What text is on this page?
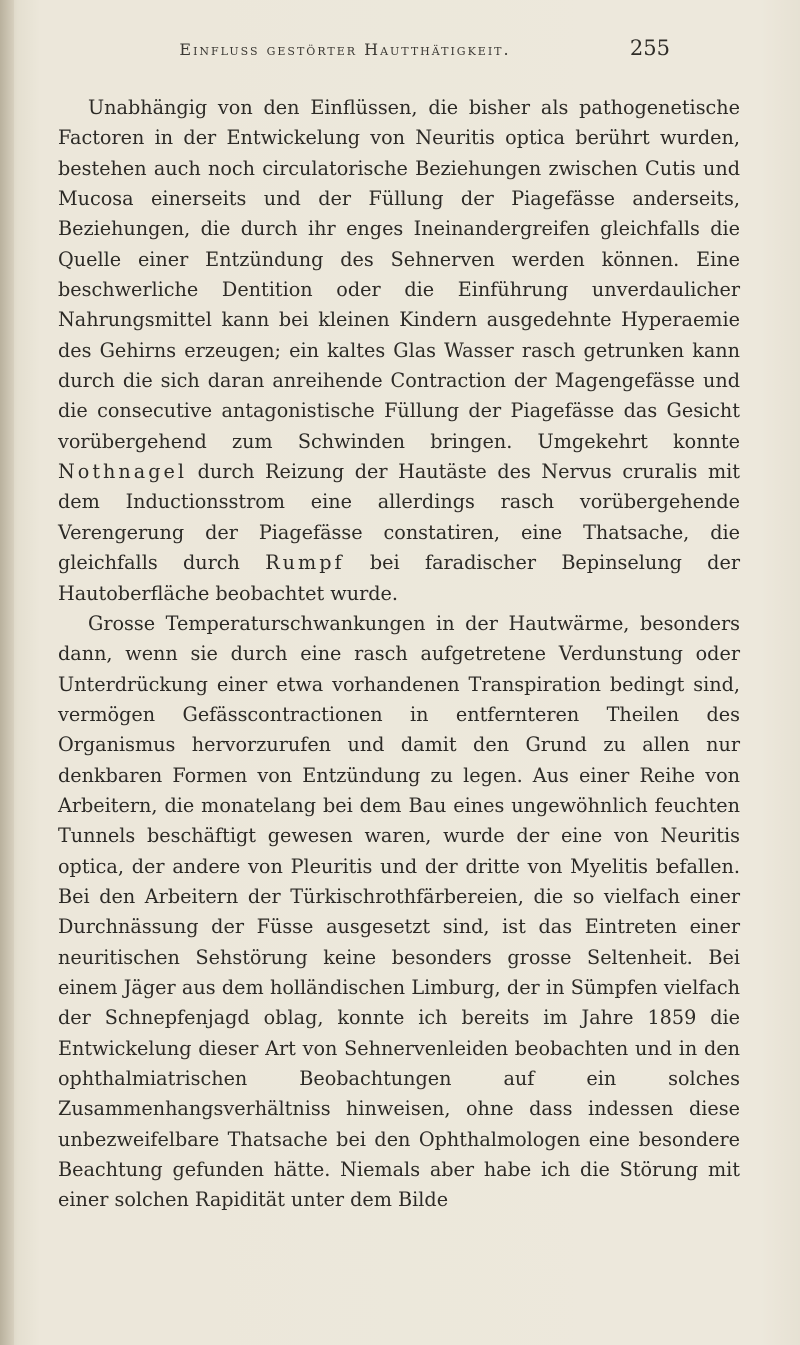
Einfluss gestörter Hautthätigkeit.	255

Unabhängig von den Einflüssen, die bisher als pathogenetische Factoren in der Entwickelung von Neuritis optica berührt wurden, bestehen auch noch circulatorische Beziehungen zwischen Cutis und Mucosa einerseits und der Füllung der Piagefässe anderseits, Beziehungen, die durch ihr enges Ineinandergreifen gleichfalls die Quelle einer Entzündung des Sehnerven werden können. Eine beschwerliche Dentition oder die Einführung unverdaulicher Nahrungsmittel kann bei kleinen Kindern ausgedehnte Hyperaemie des Gehirns erzeugen; ein kaltes Glas Wasser rasch getrunken kann durch die sich daran anreihende Contraction der Magengefässe und die consecutive antagonistische Füllung der Piagefässe das Gesicht vorübergehend zum Schwinden bringen. Umgekehrt konnte Nothnagel durch Reizung der Hautäste des Nervus cruralis mit dem Inductionsstrom eine allerdings rasch vorübergehende Verengerung der Piagefässe constatiren, eine Thatsache, die gleichfalls durch Rumpf bei faradischer Bepinselung der Hautoberfläche beobachtet wurde.

Grosse Temperaturschwankungen in der Hautwärme, besonders dann, wenn sie durch eine rasch aufgetretene Verdunstung oder Unterdrückung einer etwa vorhandenen Transpiration bedingt sind, vermögen Gefässcontractionen in entfernteren Theilen des Organismus hervorzurufen und damit den Grund zu allen nur denkbaren Formen von Entzündung zu legen. Aus einer Reihe von Arbeitern, die monatelang bei dem Bau eines ungewöhnlich feuchten Tunnels beschäftigt gewesen waren, wurde der eine von Neuritis optica, der andere von Pleuritis und der dritte von Myelitis befallen. Bei den Arbeitern der Türkischrothfärbereien, die so vielfach einer Durchnässung der Füsse ausgesetzt sind, ist das Eintreten einer neuritischen Sehstörung keine besonders grosse Seltenheit. Bei einem Jäger aus dem holländischen Limburg, der in Sümpfen vielfach der Schnepfenjagd oblag, konnte ich bereits im Jahre 1859 die Entwickelung dieser Art von Sehnervenleiden beobachten und in den ophthalmiatrischen Beobachtungen auf ein solches Zusammenhangsverhältniss hinweisen, ohne dass indessen diese unbezweifelbare Thatsache bei den Ophthalmologen eine besondere Beachtung gefunden hätte. Niemals aber habe ich die Störung mit einer solchen Rapidität unter dem Bilde
